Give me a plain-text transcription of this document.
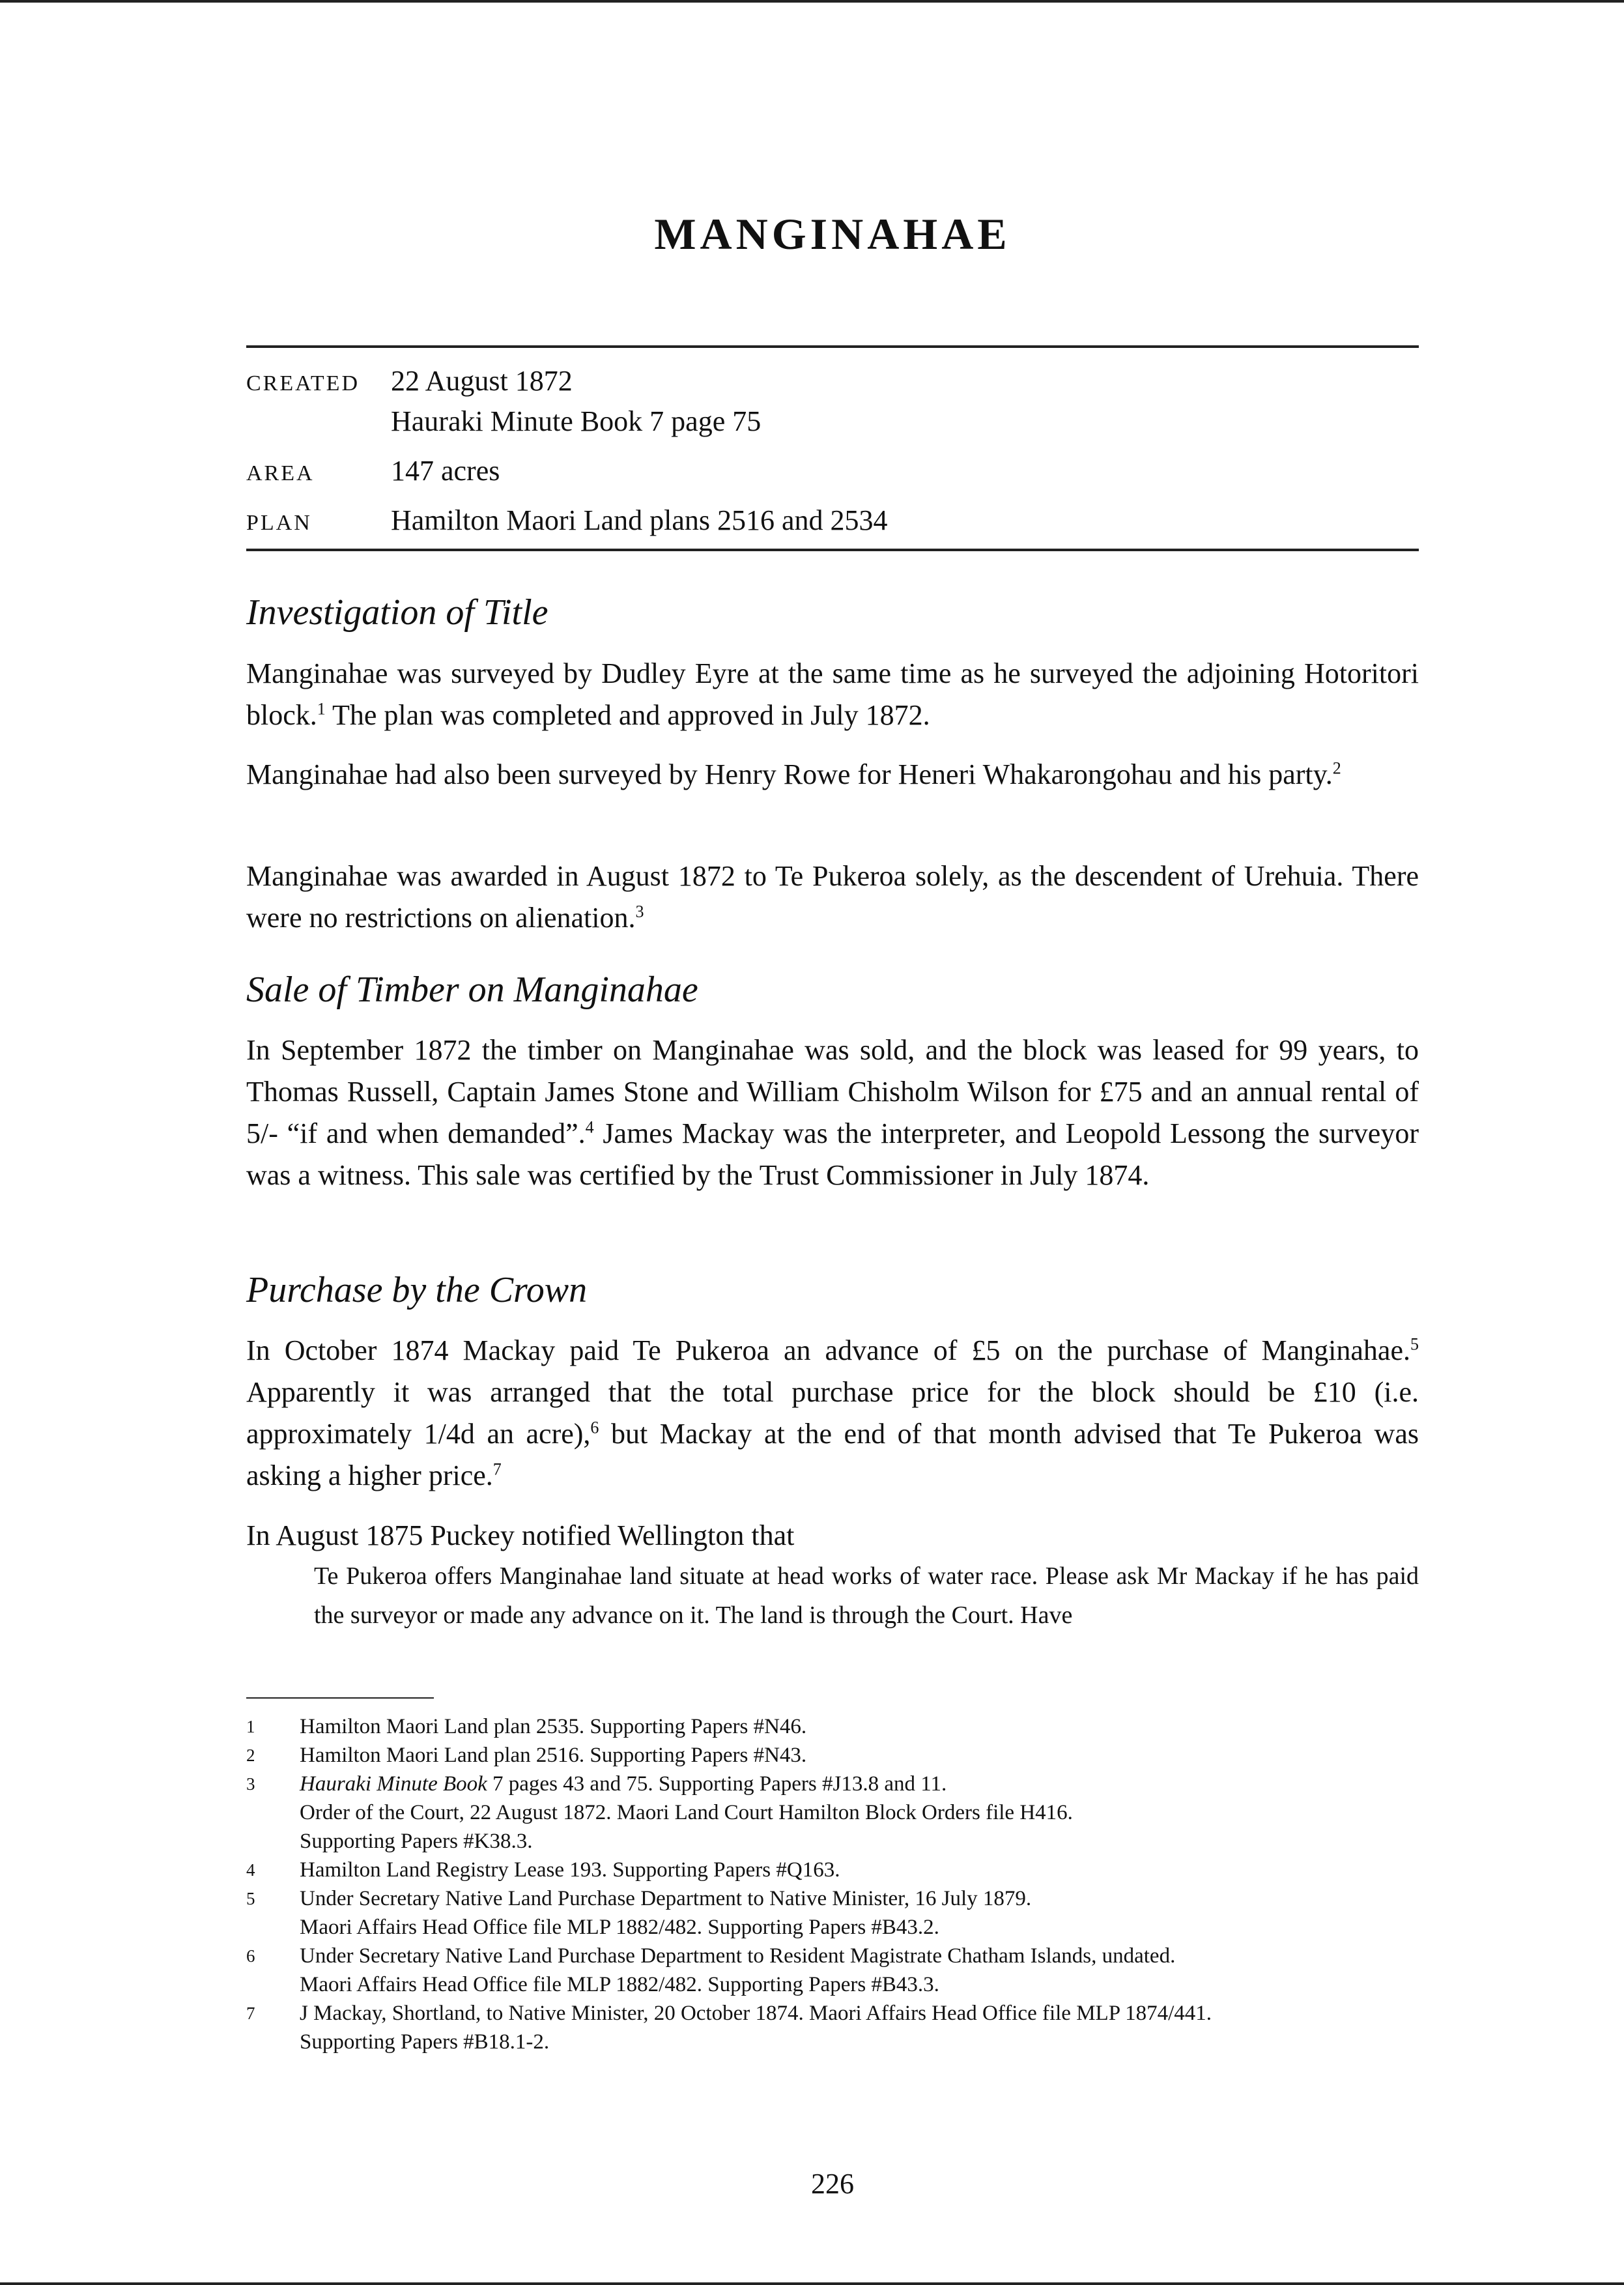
MANGINAHAE
CREATED	22 August 1872
Hauraki Minute Book 7 page 75
AREA	147 acres
PLAN	Hamilton Maori Land plans 2516 and 2534
Investigation of Title

Manginahae was surveyed by Dudley Eyre at the same time as he surveyed the adjoining Hotoritori block.$^1$ The plan was completed and approved in July 1872.

Manginahae had also been surveyed by Henry Rowe for Heneri Whakarongohau and his party.$^2$

Manginahae was awarded in August 1872 to Te Pukeroa solely, as the descendent of Urehuia. There were no restrictions on alienation.$^3$

Sale of Timber on Manginahae

In September 1872 the timber on Manginahae was sold, and the block was leased for 99 years, to Thomas Russell, Captain James Stone and William Chisholm Wilson for £75 and an annual rental of 5/- “if and when demanded”.$^4$ James Mackay was the interpreter, and Leopold Lessong the surveyor was a witness. This sale was certified by the Trust Commissioner in July 1874.

Purchase by the Crown

In October 1874 Mackay paid Te Pukeroa an advance of £5 on the purchase of Manginahae.$^5$ Apparently it was arranged that the total purchase price for the block should be £10 (i.e. approximately 1/4d an acre),$^6$ but Mackay at the end of that month advised that Te Pukeroa was asking a higher price.$^7$

In August 1875 Puckey notified Wellington that

Te Pukeroa offers Manginahae land situate at head works of water race. Please ask Mr Mackay if he has paid the surveyor or made any advance on it. The land is through the Court. Have

1	Hamilton Maori Land plan 2535. Supporting Papers #N46.
2	Hamilton Maori Land plan 2516. Supporting Papers #N43.
3	Hauraki Minute Book 7 pages 43 and 75. Supporting Papers #J13.8 and 11.
Order of the Court, 22 August 1872. Maori Land Court Hamilton Block Orders file H416.
Supporting Papers #K38.3.
4	Hamilton Land Registry Lease 193. Supporting Papers #Q163.
5	Under Secretary Native Land Purchase Department to Native Minister, 16 July 1879.
Maori Affairs Head Office file MLP 1882/482. Supporting Papers #B43.2.
6	Under Secretary Native Land Purchase Department to Resident Magistrate Chatham Islands, undated.
Maori Affairs Head Office file MLP 1882/482. Supporting Papers #B43.3.
7	J Mackay, Shortland, to Native Minister, 20 October 1874. Maori Affairs Head Office file MLP 1874/441.
Supporting Papers #B18.1-2.
226
